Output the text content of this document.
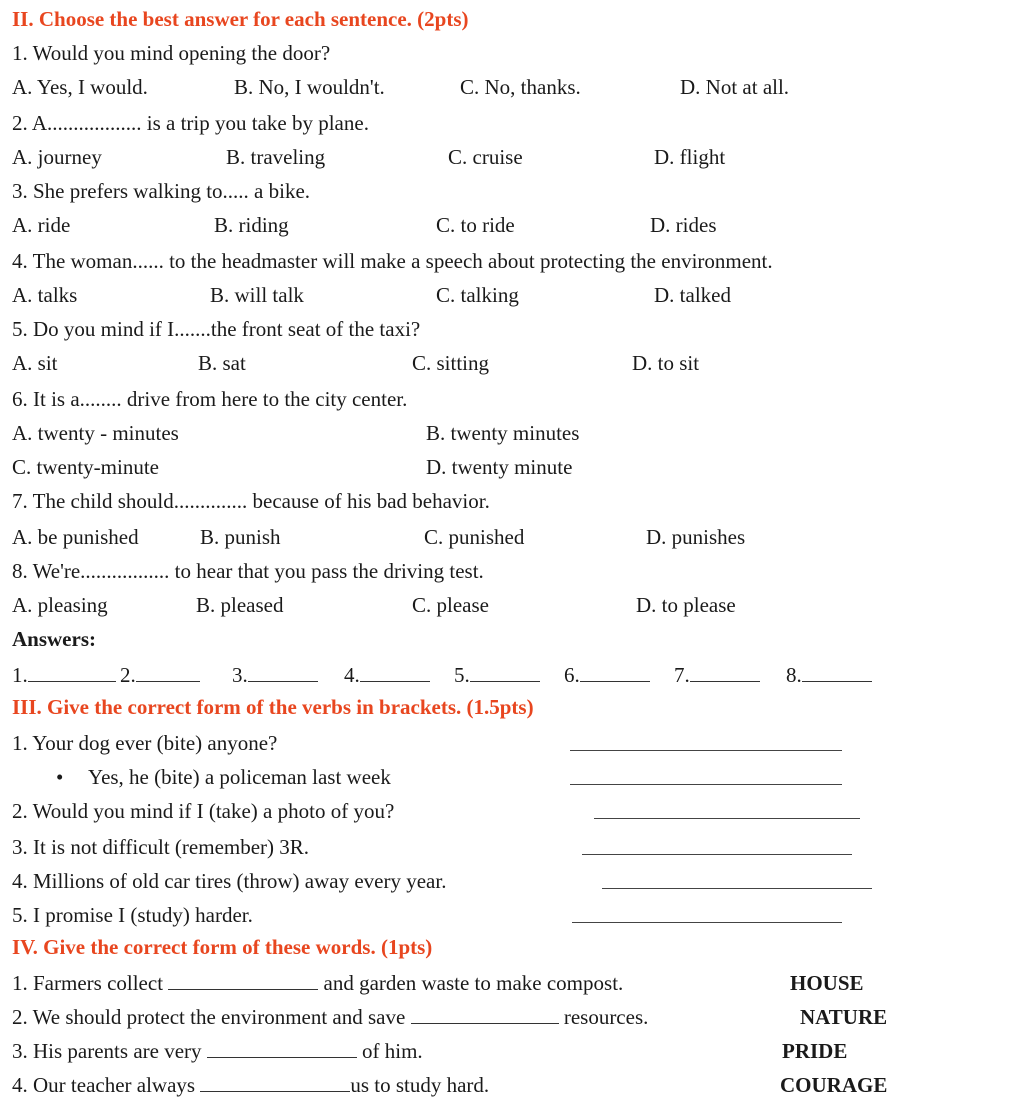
II. Choose the best answer for each sentence. (2pts)
1. Would you mind opening the door?
A. Yes, I would.	B. No, I wouldn't.	C. No, thanks.	D. Not at all.
2. A.................. is a trip you take by plane.
A. journey	B. traveling	C. cruise	D. flight
3. She prefers walking to..... a bike.
A. ride	B. riding	C. to ride	D. rides
4. The woman...... to the headmaster will make a speech about protecting the environment.
A. talks	B. will talk	C. talking	D. talked
5. Do you mind if I.......the front seat of the taxi?
A. sit	B. sat	C. sitting	D. to sit
6. It is a........ drive from here to the city center.
A. twenty - minutes	B. twenty minutes
C. twenty-minute	D. twenty minute
7. The child should.............. because of his bad behavior.
A. be punished	B. punish	C. punished	D. punishes
8. We're................. to hear that you pass the driving test.
A. pleasing	B. pleased	C. please	D. to please
Answers:
1.	2.	3.	4.	5.	6.	7.	8.
III. Give the correct form of the verbs in brackets. (1.5pts)
1. Your dog ever (bite) anyone?
• Yes, he (bite) a policeman last week
2. Would you mind if I (take) a photo of you?
3. It is not difficult (remember) 3R.
4. Millions of old car tires (throw) away every year.
5. I promise I (study) harder.
IV. Give the correct form of these words. (1pts)
1. Farmers collect	and garden waste to make compost.	HOUSE
2. We should protect the environment and save	resources.	NATURE
3. His parents are very	of him.	PRIDE
4. Our teacher always	us to study hard.	COURAGE
